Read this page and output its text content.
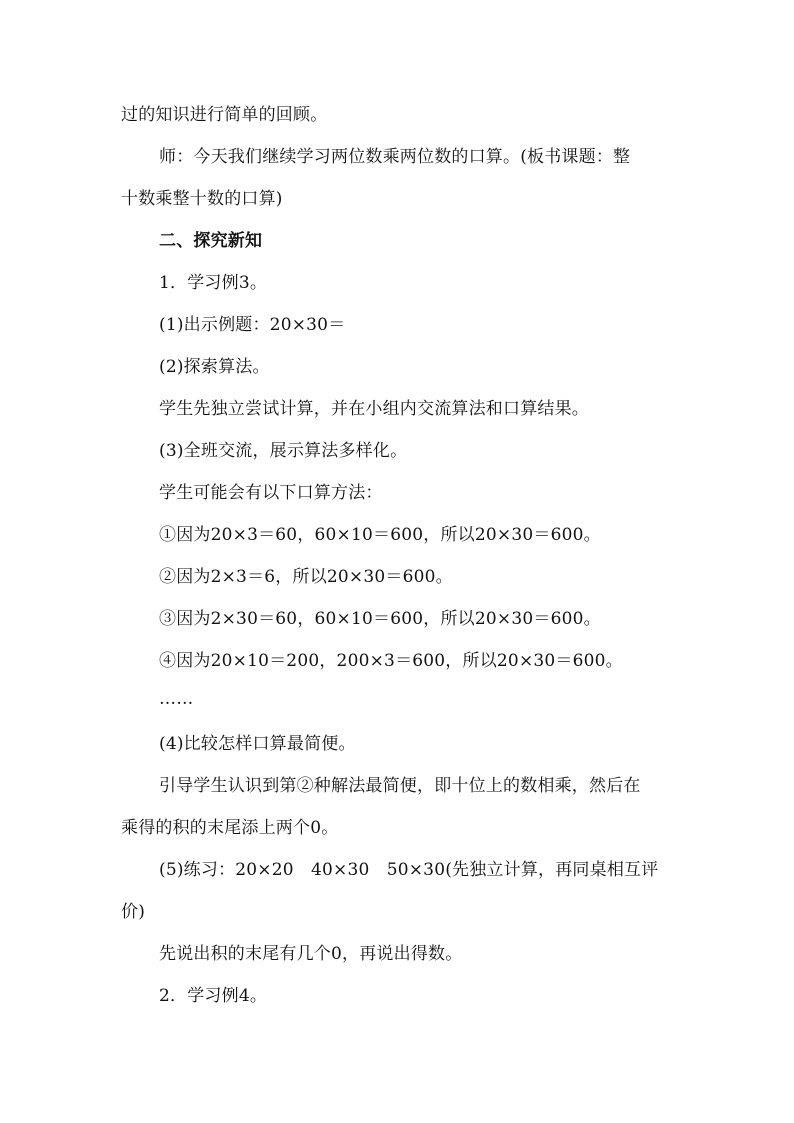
过的知识进行简单的回顾。
师：今天我们继续学习两位数乘两位数的口算。(板书课题：整
十数乘整十数的口算)
二、探究新知
1．学习例3。
(1)出示例题：20×30＝
(2)探索算法。
学生先独立尝试计算，并在小组内交流算法和口算结果。
(3)全班交流，展示算法多样化。
学生可能会有以下口算方法：
①因为20×3＝60，60×10＝600，所以20×30＝600。
②因为2×3＝6，所以20×30＝600。
③因为2×30＝60，60×10＝600，所以20×30＝600。
④因为20×10＝200，200×3＝600，所以20×30＝600。
……
(4)比较怎样口算最简便。
引导学生认识到第②种解法最简便，即十位上的数相乘，然后在
乘得的积的末尾添上两个0。
(5)练习：20×20　40×30　50×30(先独立计算，再同桌相互评
价)
先说出积的末尾有几个0，再说出得数。
2．学习例4。
